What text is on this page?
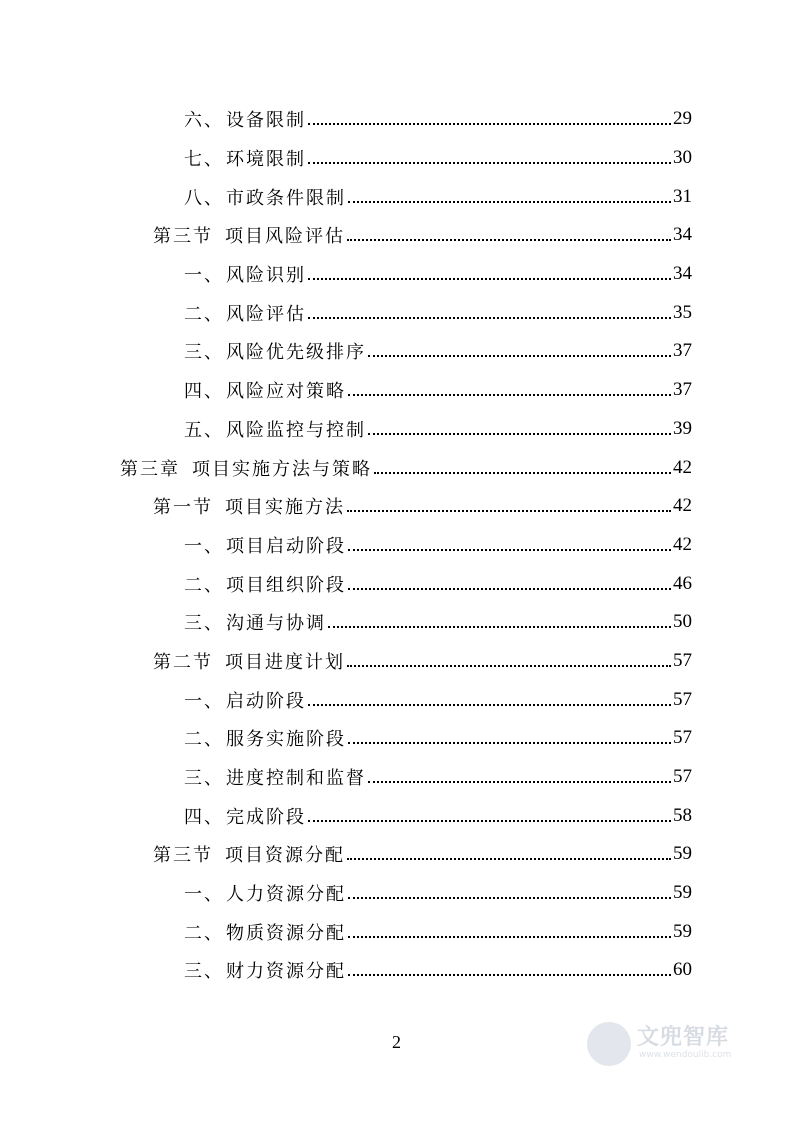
六、 设备限制	29
七、 环境限制	30
八、 市政条件限制	31
第三节 项目风险评估	34
一、 风险识别	34
二、 风险评估	35
三、 风险优先级排序	37
四、 风险应对策略	37
五、 风险监控与控制	39
第三章 项目实施方法与策略	42
第一节 项目实施方法	42
一、 项目启动阶段	42
二、 项目组织阶段	46
三、 沟通与协调	50
第二节 项目进度计划	57
一、 启动阶段	57
二、 服务实施阶段	57
三、 进度控制和监督	57
四、 完成阶段	58
第三节 项目资源分配	59
一、 人力资源分配	59
二、 物质资源分配	59
三、 财力资源分配	60
2	文兜智库
www.wendoulib.com
